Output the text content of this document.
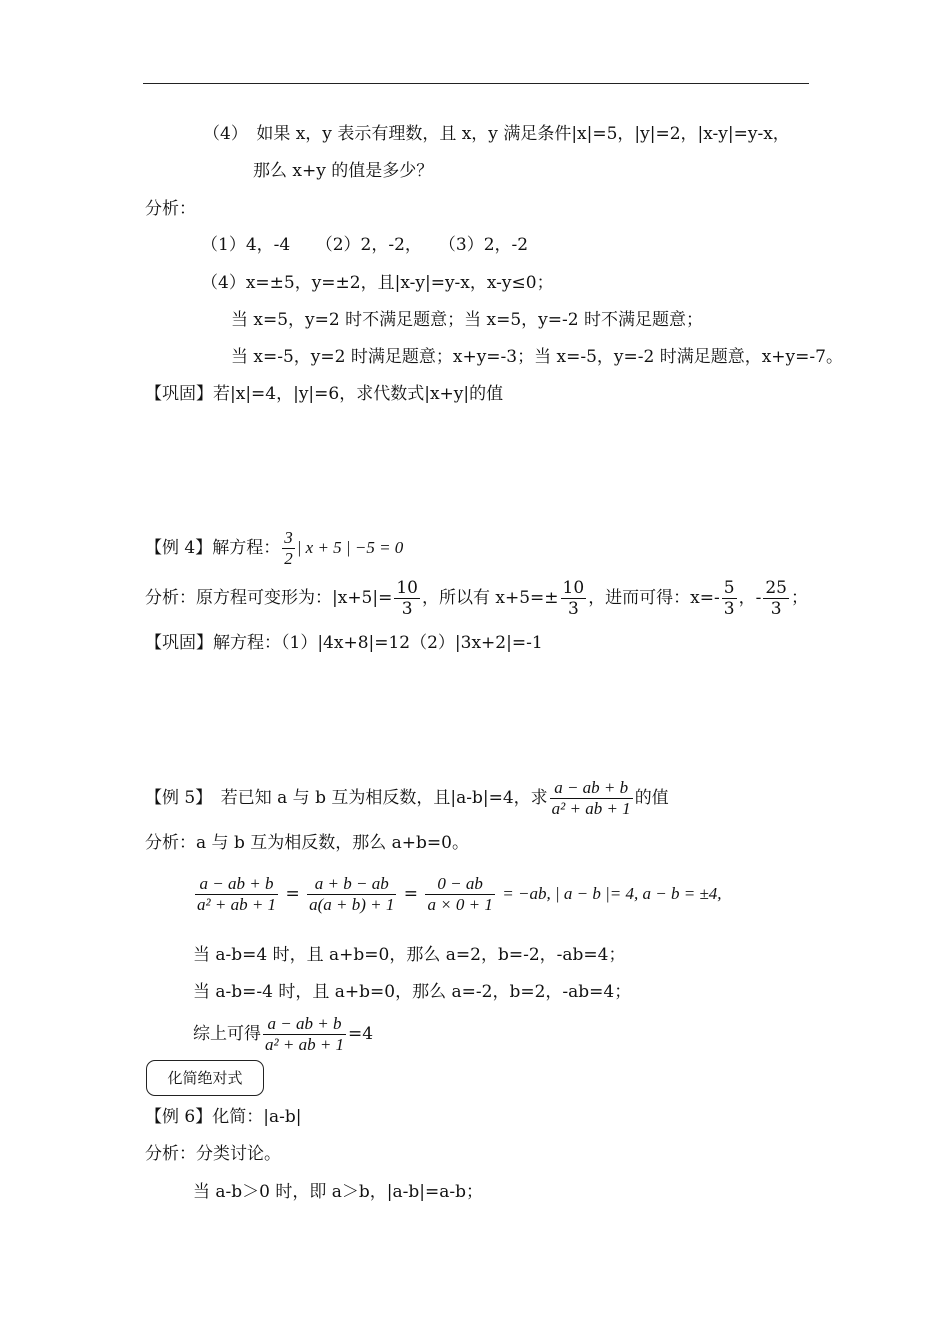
（4）　如果 x，y 表示有理数，且 x，y 满足条件|x|=5，|y|=2，|x-y|=y-x，
那么 x+y 的值是多少？
分析：
（1）4，-4　　（2）2，-2，　　（3）2，-2
（4）x=±5，y=±2，且|x-y|=y-x，x-y≤0；
当 x=5，y=2 时不满足题意；当 x=5，y=-2 时不满足题意；
当 x=-5，y=2 时满足题意；x+y=-3；当 x=-5，y=-2 时满足题意，x+y=-7。
【巩固】若|x|=4，|y|=6，求代数式|x+y|的值
【例 4】解方程： $\frac{3}{2}$ | x + 5 | −5 = 0
分析：原方程可变形为：$|x+5|= \frac{10}{3}$ ，所以有 $x+5=\pm \frac{10}{3}$ ，进而可得：$x=- \frac{5}{3}$ ，- $\frac{25}{3}$ ；
【巩固】解方程：（1）|4x+8|=12（2）|3x+2|=-1
【例 5】　若已知 a 与 b 互为相反数，且|a-b|=4，求 $\frac{a - ab + b}{\text{a² + ab + 1}}$ 的值
分析：a 与 b 互为相反数，那么 a+b=0。
$\frac{a - ab + b}{\text{a² + ab + 1}} = \frac{a + b - ab}{a(a + b) + 1} = \frac{0 - ab}{a \times 0 + 1} = -ab$, | a − b |= 4, a − b = ±4,
当 a-b=4 时，且 a+b=0，那么 a=2，b=-2，-ab=4；
当 a-b=-4 时，且 a+b=0，那么 a=-2，b=2，-ab=4；
综上可得 $\frac{a - ab + b}{\text{a² + ab + 1}} =4$
化简绝对式
【例 6】化简：|a-b|
分析：分类讨论。
当 a-b＞0 时，即 a＞b，|a-b|=a-b；
